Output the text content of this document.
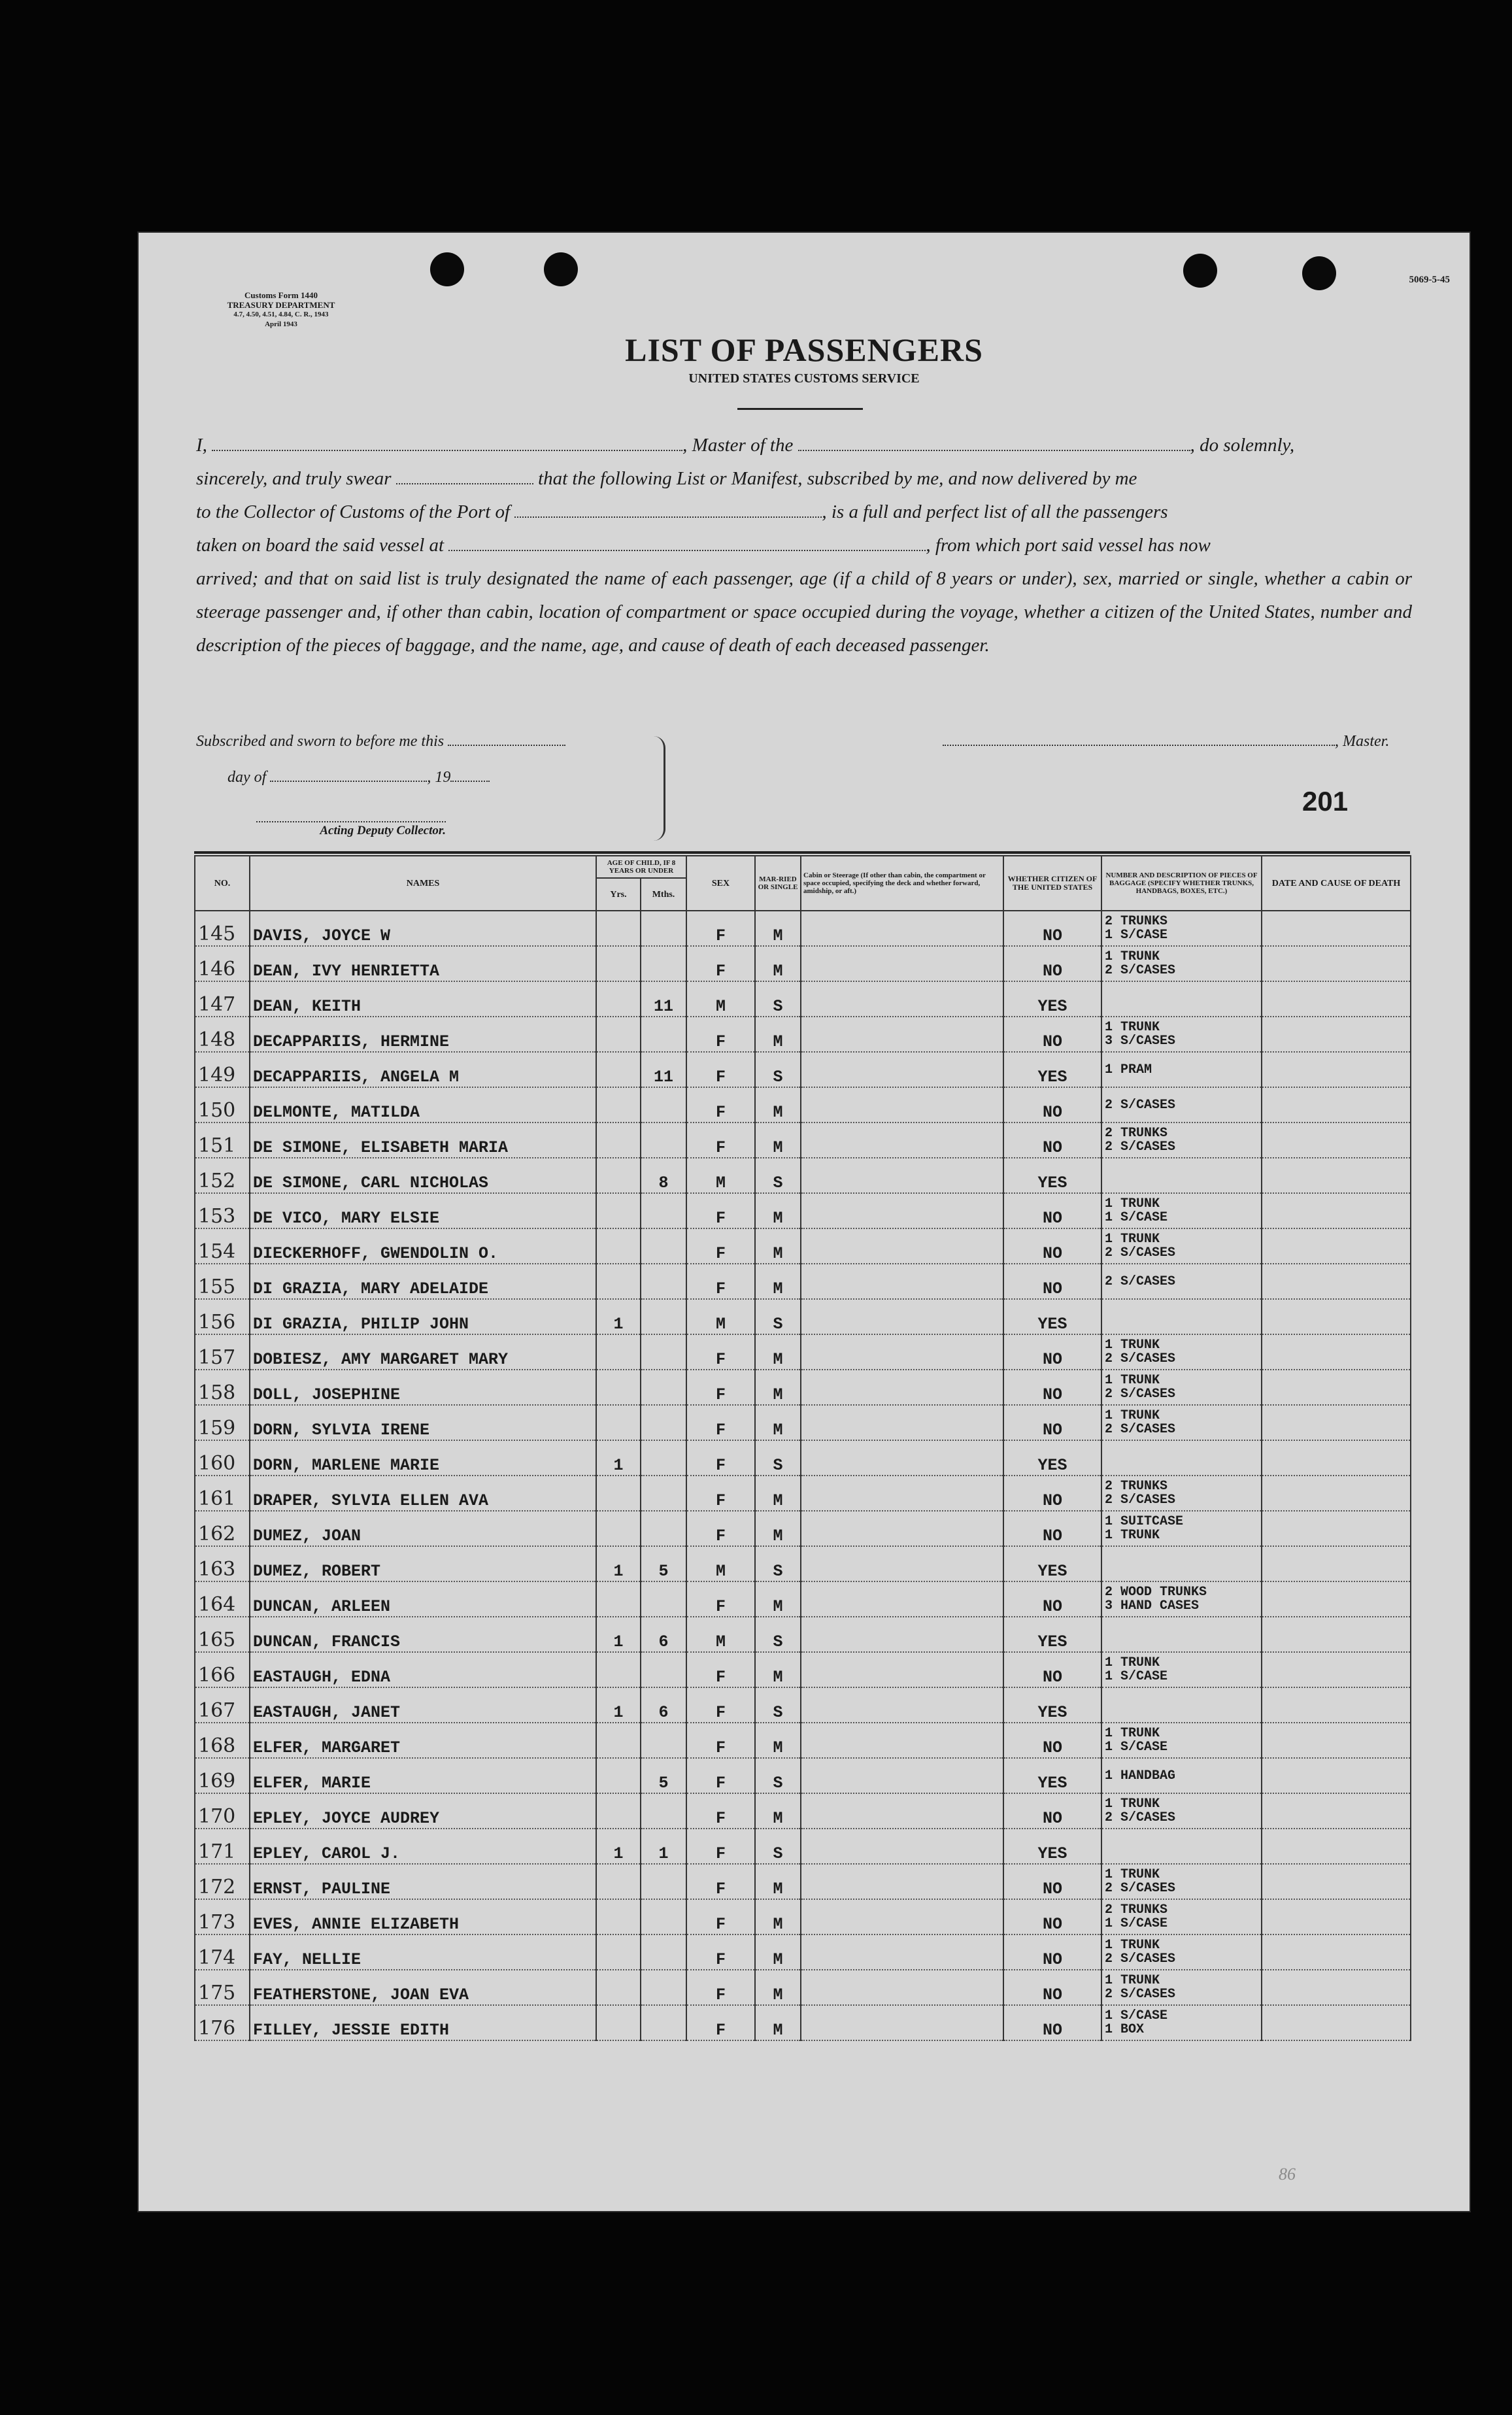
Customs Form 1440
TREASURY DEPARTMENT
4.7, 4.50, 4.51, 4.84, C. R., 1943
April 1943
5069-5-45
LIST OF PASSENGERS
UNITED STATES CUSTOMS SERVICE
I,	, Master of the	, do solemnly,
sincerely, and truly swear	that the following List or Manifest, subscribed by me, and now delivered by me
to the Collector of Customs of the Port of	, is a full and perfect list of all the passengers
taken on board the said vessel at	, from which port said vessel has now
arrived; and that on said list is truly designated the name of each passenger, age (if a child of 8 years or under), sex, married or single, whether a cabin or steerage passenger and, if other than cabin, location of compartment or space occupied during the voyage, whether a citizen of the United States, number and description of the pieces of baggage, and the name, age, and cause of death of each deceased passenger.
Subscribed and sworn to before me this
day of	, 19
Acting Deputy Collector.
, Master.
201
NO.	NAMES	AGE OF CHILD, IF 8 YEARS OR UNDER		SEX	MAR-RIED OR SINGLE	Cabin or Steerage (If other than cabin, the compartment or space occupied, specifying the deck and whether forward, amidship, or aft.)	WHETHER CITIZEN OF THE UNITED STATES	NUMBER AND DESCRIPTION OF PIECES OF BAGGAGE (SPECIFY WHETHER TRUNKS, HANDBAGS, BOXES, ETC.)	DATE AND CAUSE OF DEATH
		Yrs.	Mths.						
145	DAVIS, JOYCE W			F	M		NO	2 TRUNKS
1 S/CASE	
146	DEAN, IVY HENRIETTA			F	M		NO	1 TRUNK
2 S/CASES	
147	DEAN, KEITH		11	M	S		YES		
148	DECAPPARIIS, HERMINE			F	M		NO	1 TRUNK
3 S/CASES	
149	DECAPPARIIS, ANGELA M		11	F	S		YES	1 PRAM	
150	DELMONTE, MATILDA			F	M		NO	2 S/CASES	
151	DE SIMONE, ELISABETH MARIA			F	M		NO	2 TRUNKS
2 S/CASES	
152	DE SIMONE, CARL NICHOLAS		8	M	S		YES		
153	DE VICO, MARY ELSIE			F	M		NO	1 TRUNK
1 S/CASE	
154	DIECKERHOFF, GWENDOLIN O.			F	M		NO	1 TRUNK
2 S/CASES	
155	DI GRAZIA, MARY ADELAIDE			F	M		NO	2 S/CASES	
156	DI GRAZIA, PHILIP JOHN	1		M	S		YES		
157	DOBIESZ, AMY MARGARET MARY			F	M		NO	1 TRUNK
2 S/CASES	
158	DOLL, JOSEPHINE			F	M		NO	1 TRUNK
2 S/CASES	
159	DORN, SYLVIA IRENE			F	M		NO	1 TRUNK
2 S/CASES	
160	DORN, MARLENE MARIE	1		F	S		YES		
161	DRAPER, SYLVIA ELLEN AVA			F	M		NO	2 TRUNKS
2 S/CASES	
162	DUMEZ, JOAN			F	M		NO	1 SUITCASE
1 TRUNK	
163	DUMEZ, ROBERT	1	5	M	S		YES		
164	DUNCAN, ARLEEN			F	M		NO	2 WOOD TRUNKS
3 HAND CASES	
165	DUNCAN, FRANCIS	1	6	M	S		YES		
166	EASTAUGH, EDNA			F	M		NO	1 TRUNK
1 S/CASE	
167	EASTAUGH, JANET	1	6	F	S		YES		
168	ELFER, MARGARET			F	M		NO	1 TRUNK
1 S/CASE	
169	ELFER, MARIE		5	F	S		YES	1 HANDBAG	
170	EPLEY, JOYCE AUDREY			F	M		NO	1 TRUNK
2 S/CASES	
171	EPLEY, CAROL J.	1	1	F	S		YES		
172	ERNST, PAULINE			F	M		NO	1 TRUNK
2 S/CASES	
173	EVES, ANNIE ELIZABETH			F	M		NO	2 TRUNKS
1 S/CASE	
174	FAY, NELLIE			F	M		NO	1 TRUNK
2 S/CASES	
175	FEATHERSTONE, JOAN EVA			F	M		NO	1 TRUNK
2 S/CASES	
176	FILLEY, JESSIE EDITH			F	M		NO	1 S/CASE
1 BOX	
86
